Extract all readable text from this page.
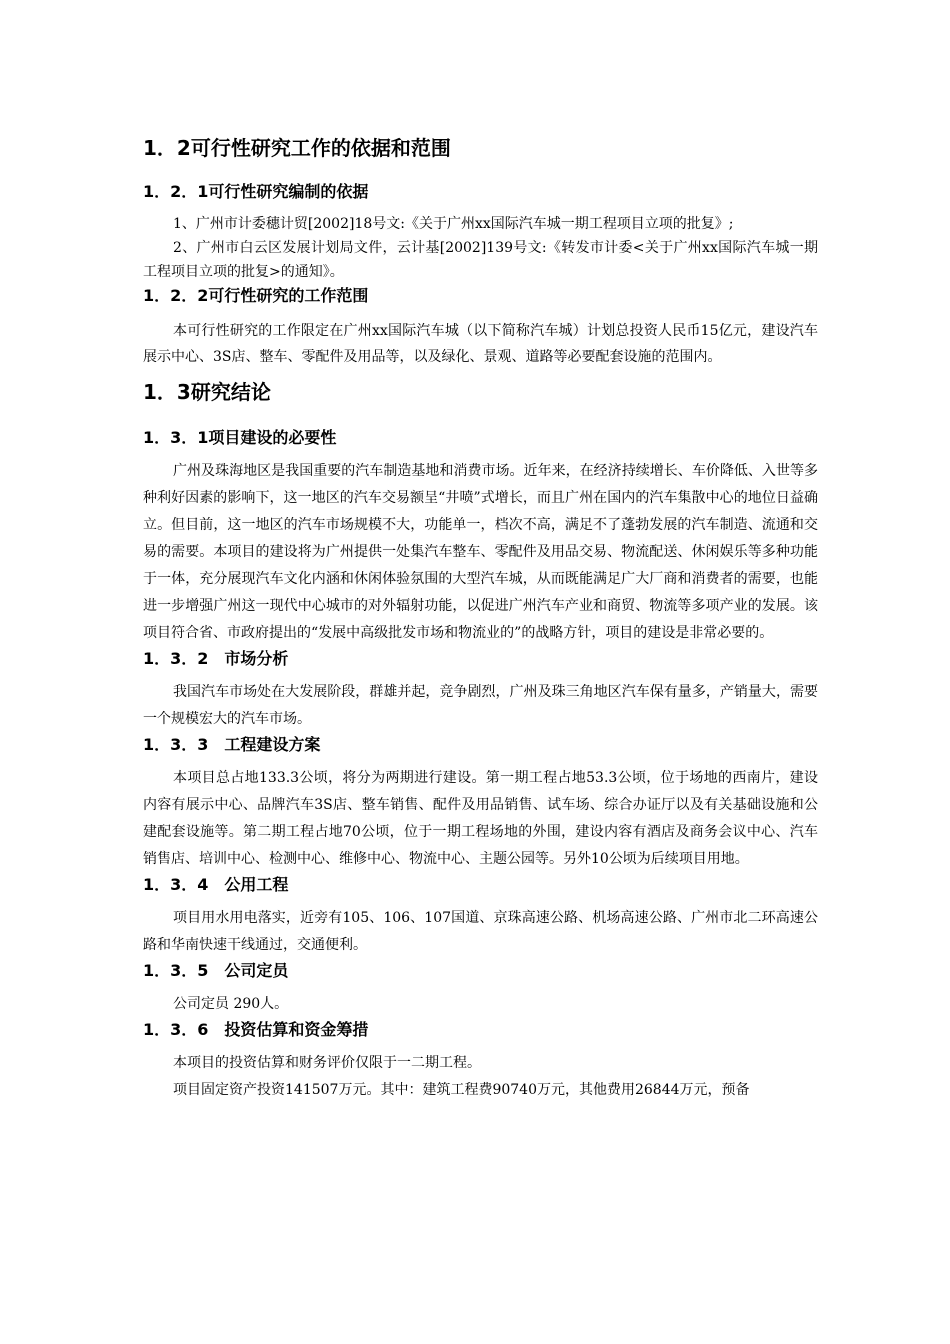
1．2可行性研究工作的依据和范围
1．2．1可行性研究编制的依据

1、广州市计委穗计贸[2002]18号文:《关于广州xx国际汽车城一期工程项目立项的批复》;

2、广州市白云区发展计划局文件，云计基[2002]139号文:《转发市计委<关于广州xx国际汽车城一期工程项目立项的批复>的通知》。

1．2．2可行性研究的工作范围

本可行性研究的工作限定在广州xx国际汽车城（以下简称汽车城）计划总投资人民币15亿元，建设汽车展示中心、3S店、整车、零配件及用品等，以及绿化、景观、道路等必要配套设施的范围内。

1．3研究结论
1．3．1项目建设的必要性

广州及珠海地区是我国重要的汽车制造基地和消费市场。近年来，在经济持续增长、车价降低、入世等多种利好因素的影响下，这一地区的汽车交易额呈“井喷”式增长，而且广州在国内的汽车集散中心的地位日益确立。但目前，这一地区的汽车市场规模不大，功能单一，档次不高，满足不了蓬勃发展的汽车制造、流通和交易的需要。本项目的建设将为广州提供一处集汽车整车、零配件及用品交易、物流配送、休闲娱乐等多种功能于一体，充分展现汽车文化内涵和休闲体验氛围的大型汽车城，从而既能满足广大厂商和消费者的需要，也能进一步增强广州这一现代中心城市的对外辐射功能，以促进广州汽车产业和商贸、物流等多项产业的发展。该项目符合省、市政府提出的“发展中高级批发市场和物流业的”的战略方针，项目的建设是非常必要的。

1．3．2　市场分析

我国汽车市场处在大发展阶段，群雄并起，竞争剧烈，广州及珠三角地区汽车保有量多，产销量大，需要一个规模宏大的汽车市场。

1．3．3　工程建设方案

本项目总占地133.3公顷，将分为两期进行建设。第一期工程占地53.3公顷，位于场地的西南片，建设内容有展示中心、品牌汽车3S店、整车销售、配件及用品销售、试车场、综合办证厅以及有关基础设施和公建配套设施等。第二期工程占地70公顷，位于一期工程场地的外围，建设内容有酒店及商务会议中心、汽车销售店、培训中心、检测中心、维修中心、物流中心、主题公园等。另外10公顷为后续项目用地。

1．3．4　公用工程

项目用水用电落实，近旁有105、106、107国道、京珠高速公路、机场高速公路、广州市北二环高速公路和华南快速干线通过，交通便利。

1．3．5　公司定员

公司定员 290人。

1．3．6　投资估算和资金筹措

本项目的投资估算和财务评价仅限于一二期工程。

项目固定资产投资141507万元。其中：建筑工程费90740万元，其他费用26844万元，预备
